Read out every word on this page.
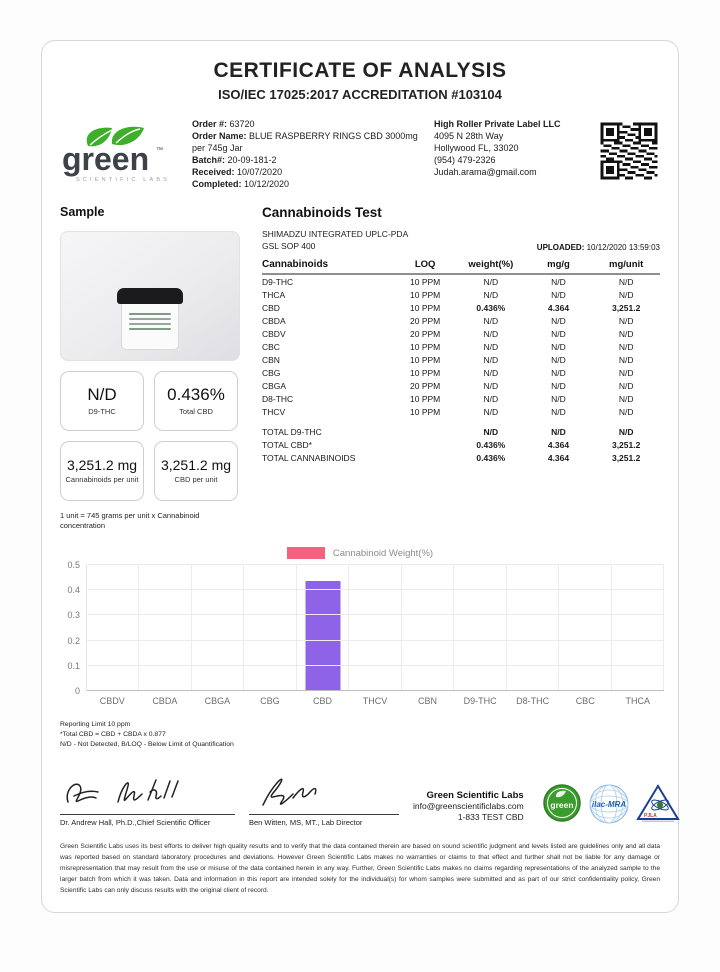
CERTIFICATE OF ANALYSIS
ISO/IEC 17025:2017 ACCREDITATION #103104
green ™
SCIENTIFIC LABS
Order #: 63720
Order Name: BLUE RASPBERRY RINGS CBD 3000mg per 745g Jar
Batch#: 20-09-181-2
Received: 10/07/2020
Completed: 10/12/2020
High Roller Private Label LLC
4095 N 28th Way
Hollywood FL, 33020
(954) 479-2326
Judah.arama@gmail.com
Sample
N/D
D9-THC
0.436%
Total CBD
3,251.2 mg
Cannabinoids per unit
3,251.2 mg
CBD per unit
1 unit = 745 grams per unit x Cannabinoid concentration
Cannabinoids Test
SHIMADZU INTEGRATED UPLC-PDA
GSL SOP 400	UPLOADED: 10/12/2020 13:59:03
Cannabinoids	LOQ	weight(%)	mg/g	mg/unit
D9-THC	10 PPM	N/D	N/D	N/D
THCA	10 PPM	N/D	N/D	N/D
CBD	10 PPM	0.436%	4.364	3,251.2
CBDA	20 PPM	N/D	N/D	N/D
CBDV	20 PPM	N/D	N/D	N/D
CBC	10 PPM	N/D	N/D	N/D
CBN	10 PPM	N/D	N/D	N/D
CBG	10 PPM	N/D	N/D	N/D
CBGA	20 PPM	N/D	N/D	N/D
D8-THC	10 PPM	N/D	N/D	N/D
THCV	10 PPM	N/D	N/D	N/D

TOTAL D9-THC		N/D	N/D	N/D
TOTAL CBD*		0.436%	4.364	3,251.2
TOTAL CANNABINOIDS		0.436%	4.364	3,251.2
Cannabinoid Weight(%)
0
0.1
0.2
0.3
0.4
0.5
CBDV	CBDA	CBGA	CBG	CBD	THCV	CBN	D9-THC	D8-THC	CBC	THCA
Reporting Limit 10 ppm
*Total CBD = CBD + CBDA x 0.877
N/D - Not Detected, B/LOQ - Below Limit of Quantification
Dr. Andrew Hall, Ph.D.,Chief Scientific Officer	Ben Witten, MS, MT., Lab Director
Green Scientific Labs
info@greenscientificlabs.com
1-833 TEST CBD
green ilac-MRA
PJLA
Green Scientific Labs uses its best efforts to deliver high quality results and to verify that the data contained therein are based on sound scientific judgment and levels listed are guidelines only and all data was reported based on standard laboratory procedures and deviations. However Green Scientific Labs makes no warranties or claims to that effect and further shall not be liable for any damage or misrepresentation that may result from the use or misuse of the data contained herein in any way. Further, Green Scientific Labs makes no claims regarding representations of the analyzed sample to the larger batch from which it was taken. Data and information in this report are intended solely for the individual(s) for whom samples were submitted and as part of our strict confidentiality policy, Green Scientific Labs can only discuss results with the original client of record.
